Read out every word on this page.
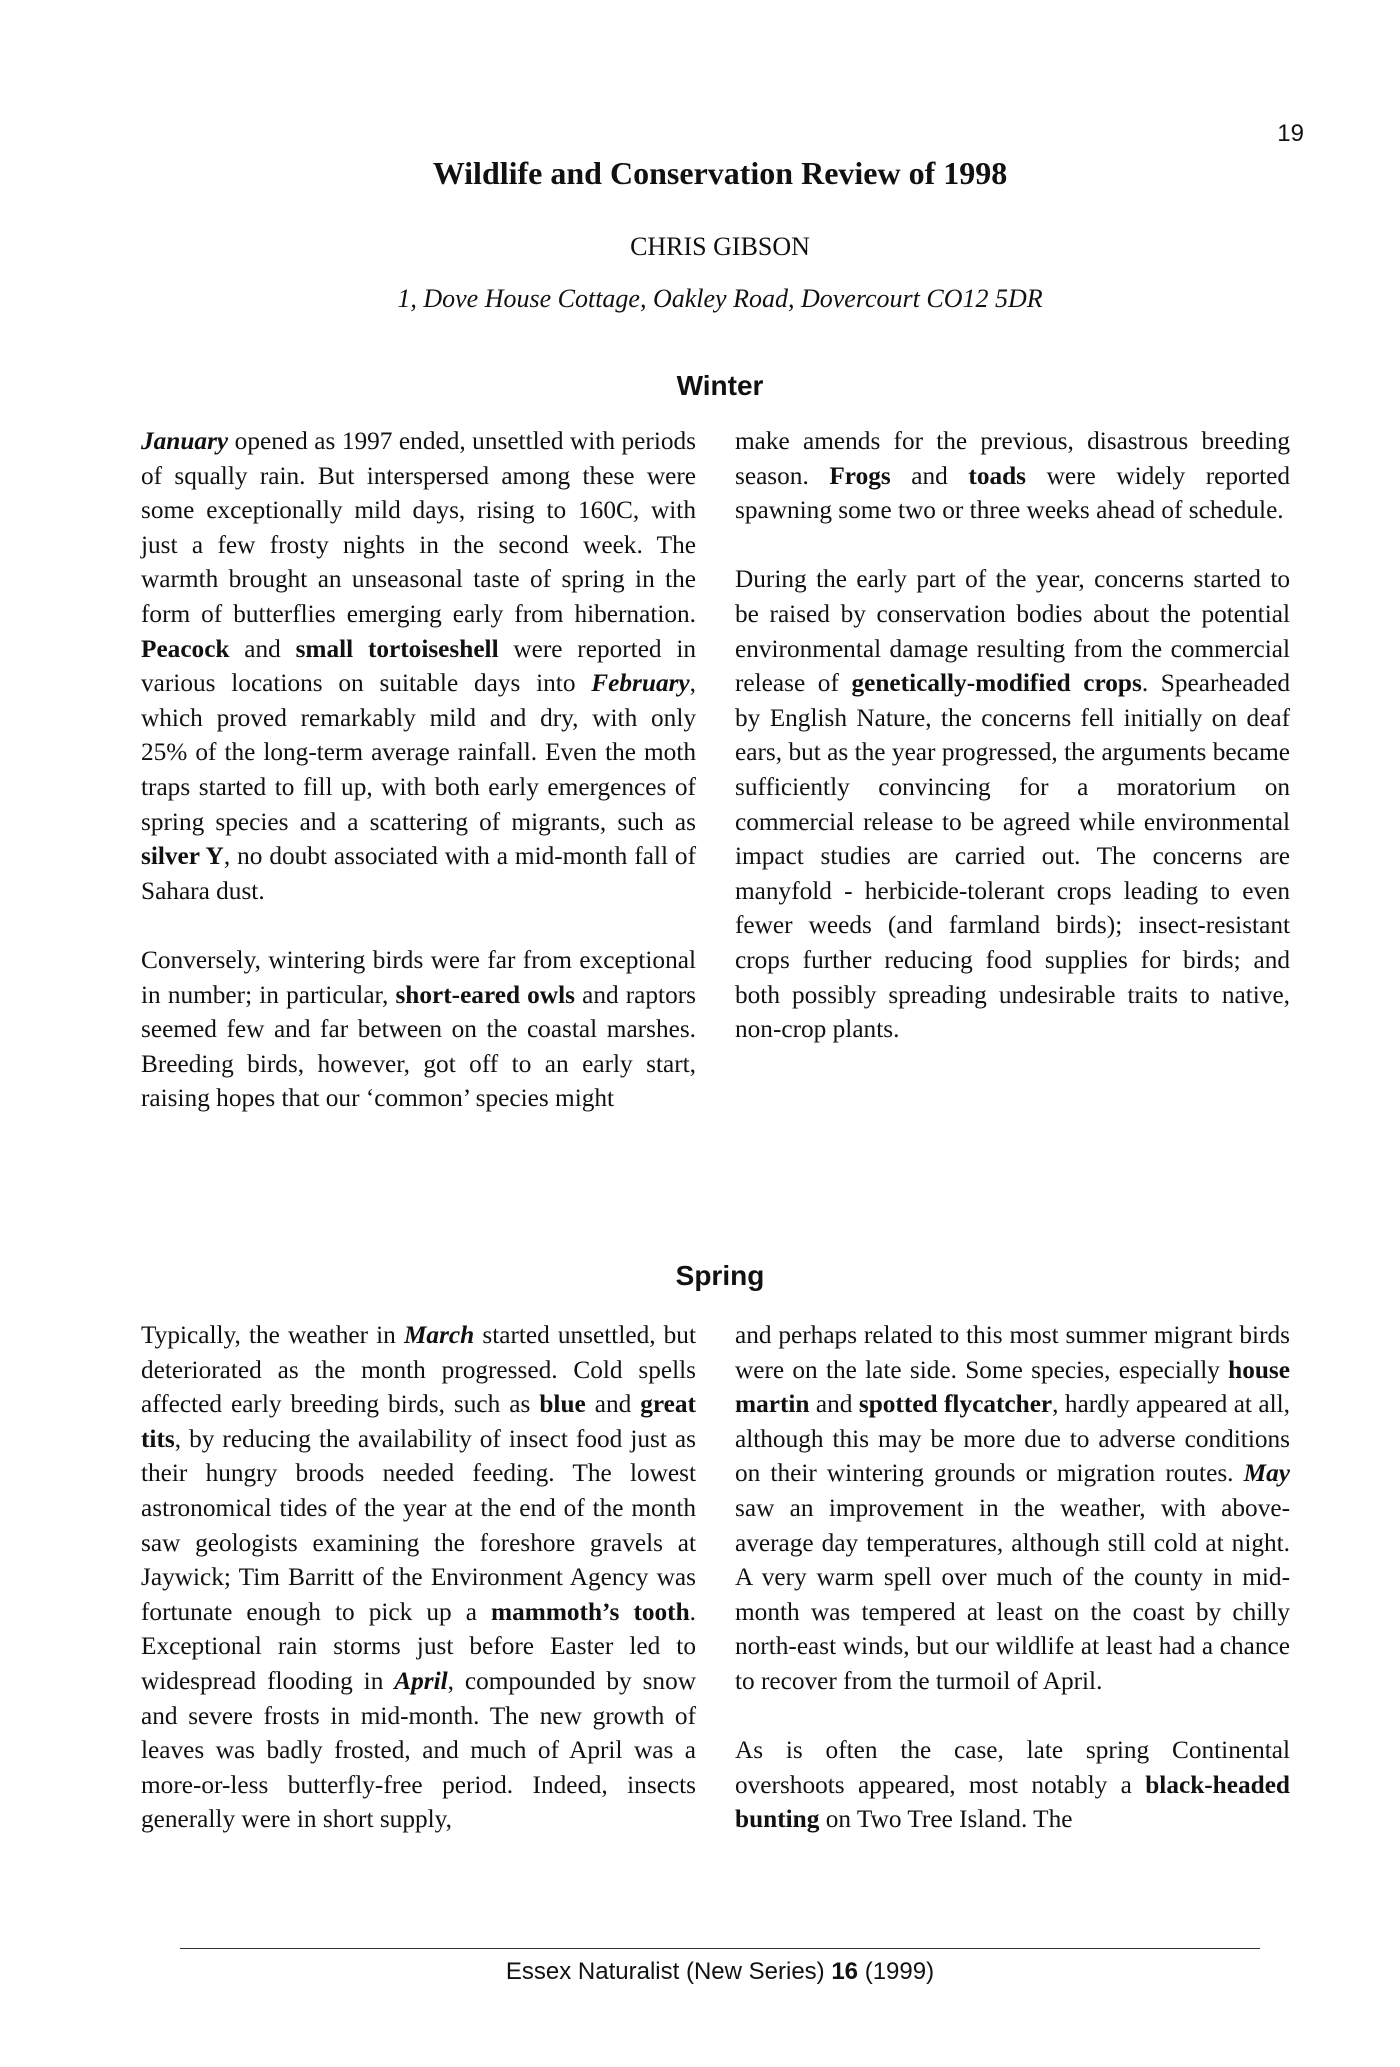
19
Wildlife and Conservation Review of 1998
CHRIS GIBSON
1, Dove House Cottage, Oakley Road, Dovercourt CO12 5DR
Winter

January opened as 1997 ended, unsettled with periods of squally rain. But interspersed among these were some exceptionally mild days, rising to 160C, with just a few frosty nights in the second week. The warmth brought an unseasonal taste of spring in the form of butterflies emerging early from hibernation. Peacock and small tortoiseshell were reported in various locations on suitable days into February, which proved remarkably mild and dry, with only 25% of the long-term average rainfall. Even the moth traps started to fill up, with both early emergences of spring species and a scattering of migrants, such as silver Y, no doubt associated with a mid-month fall of Sahara dust.

Conversely, wintering birds were far from exceptional in number; in particular, short-eared owls and raptors seemed few and far between on the coastal marshes. Breeding birds, however, got off to an early start, raising hopes that our ‘common’ species might

make amends for the previous, disastrous breeding season. Frogs and toads were widely reported spawning some two or three weeks ahead of schedule.

During the early part of the year, concerns started to be raised by conservation bodies about the potential environmental damage resulting from the commercial release of genetically-modified crops. Spearheaded by English Nature, the concerns fell initially on deaf ears, but as the year progressed, the arguments became sufficiently convincing for a moratorium on commercial release to be agreed while environmental impact studies are carried out. The concerns are manyfold - herbicide-tolerant crops leading to even fewer weeds (and farmland birds); insect-resistant crops further reducing food supplies for birds; and both possibly spreading undesirable traits to native, non-crop plants.

Spring

Typically, the weather in March started unsettled, but deteriorated as the month progressed. Cold spells affected early breeding birds, such as blue and great tits, by reducing the availability of insect food just as their hungry broods needed feeding. The lowest astronomical tides of the year at the end of the month saw geologists examining the foreshore gravels at Jaywick; Tim Barritt of the Environment Agency was fortunate enough to pick up a mammoth’s tooth. Exceptional rain storms just before Easter led to widespread flooding in April, compounded by snow and severe frosts in mid-month. The new growth of leaves was badly frosted, and much of April was a more-or-less butterfly-free period. Indeed, insects generally were in short supply,

and perhaps related to this most summer migrant birds were on the late side. Some species, especially house martin and spotted flycatcher, hardly appeared at all, although this may be more due to adverse conditions on their wintering grounds or migration routes. May saw an improvement in the weather, with above-average day temperatures, although still cold at night. A very warm spell over much of the county in mid-month was tempered at least on the coast by chilly north-east winds, but our wildlife at least had a chance to recover from the turmoil of April.

As is often the case, late spring Continental overshoots appeared, most notably a black-headed bunting on Two Tree Island. The

Essex Naturalist (New Series) 16 (1999)
